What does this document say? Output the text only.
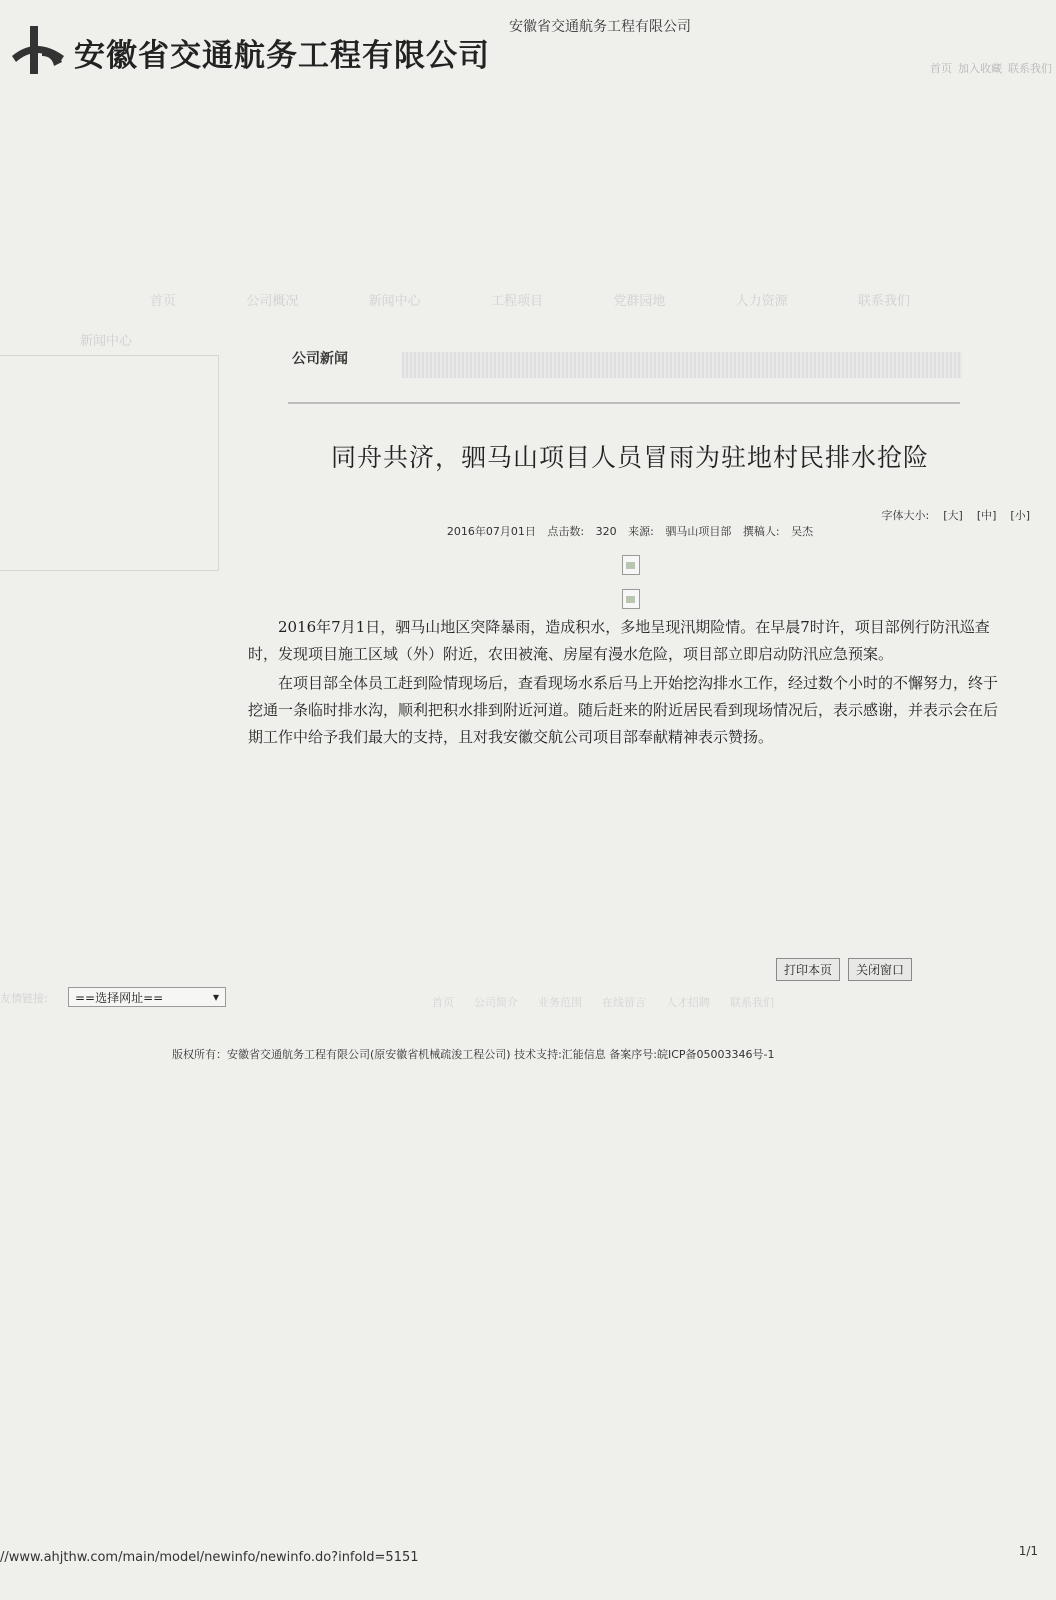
安徽省交通航务工程有限公司
安徽省交通航务工程有限公司	首页 加入收藏 联系我们
首页	公司概况	新闻中心	工程项目	党群园地	人力资源	联系我们
新闻中心
公司新闻
同舟共济，驷马山项目人员冒雨为驻地村民排水抢险
字体大小: [大] [中] [小]
2016年07月01日 点击数: 320 来源: 驷马山项目部 撰稿人: 吴杰

2016年7月1日，驷马山地区突降暴雨，造成积水，多地呈现汛期险情。在早晨7时许，项目部例行防汛巡查时，发现项目施工区域（外）附近，农田被淹、房屋有漫水危险，项目部立即启动防汛应急预案。

在项目部全体员工赶到险情现场后，查看现场水系后马上开始挖沟排水工作，经过数个小时的不懈努力，终于挖通一条临时排水沟，顺利把积水排到附近河道。随后赶来的附近居民看到现场情况后，表示感谢，并表示会在后期工作中给予我们最大的支持，且对我安徽交航公司项目部奉献精神表示赞扬。

打印本页	关闭窗口
友情链接: ==选择网址==	▾	首页 公司简介 业务范围 在线留言 人才招聘 联系我们
版权所有：安徽省交通航务工程有限公司(原安徽省机械疏浚工程公司) 技术支持:汇能信息 备案序号:皖ICP备05003346号-1
//www.ahjthw.com/main/model/newinfo/newinfo.do?infoId=5151	1/1
